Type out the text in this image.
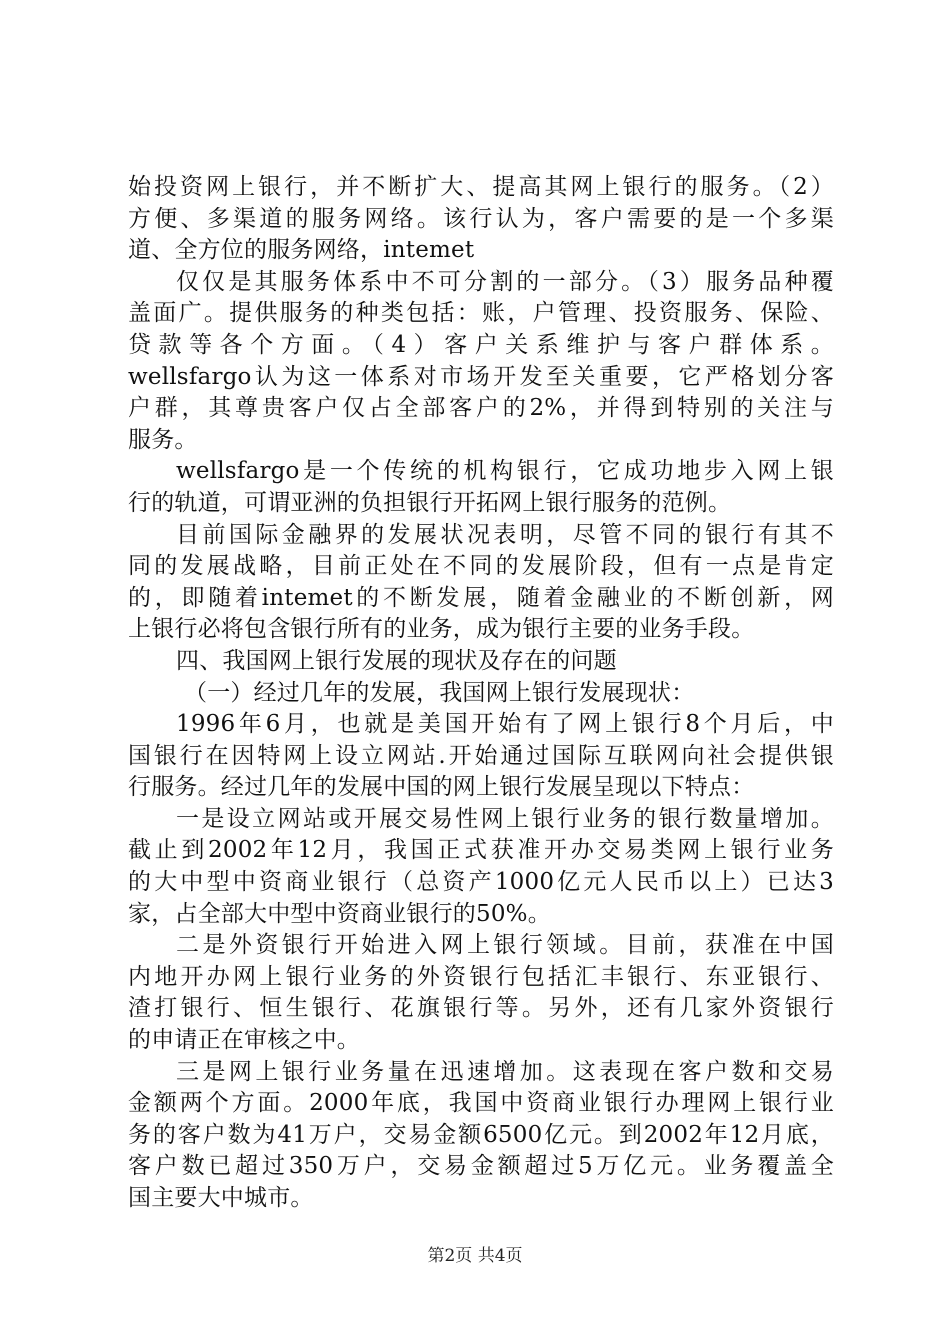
始投资网上银行，并不断扩大、提高其网上银行的服务。（2）
方便、多渠道的服务网络。该行认为，客户需要的是一个多渠
道、全方位的服务网络，intemet
仅仅是其服务体系中不可分割的一部分。（3）服务品种覆
盖面广。提供服务的种类包括：账，户管理、投资服务、保险、
贷款等各个方面。（4）客户关系维护与客户群体系。
wellsfargo认为这一体系对市场开发至关重要，它严格划分客
户群，其尊贵客户仅占全部客户的2%，并得到特别的关注与
服务。
wellsfargo是一个传统的机构银行，它成功地步入网上银
行的轨道，可谓亚洲的负担银行开拓网上银行服务的范例。
目前国际金融界的发展状况表明，尽管不同的银行有其不
同的发展战略，目前正处在不同的发展阶段，但有一点是肯定
的，即随着intemet的不断发展，随着金融业的不断创新，网
上银行必将包含银行所有的业务，成为银行主要的业务手段。
四、我国网上银行发展的现状及存在的问题
（一）经过几年的发展，我国网上银行发展现状：
1996年6月，也就是美国开始有了网上银行8个月后，中
国银行在因特网上设立网站.开始通过国际互联网向社会提供银
行服务。经过几年的发展中国的网上银行发展呈现以下特点：
一是设立网站或开展交易性网上银行业务的银行数量增加。
截止到2002年12月，我国正式获准开办交易类网上银行业务
的大中型中资商业银行（总资产1000亿元人民币以上）已达3
家，占全部大中型中资商业银行的50%。
二是外资银行开始进入网上银行领域。目前，获准在中国
内地开办网上银行业务的外资银行包括汇丰银行、东亚银行、
渣打银行、恒生银行、花旗银行等。另外，还有几家外资银行
的申请正在审核之中。
三是网上银行业务量在迅速增加。这表现在客户数和交易
金额两个方面。2000年底，我国中资商业银行办理网上银行业
务的客户数为41万户，交易金额6500亿元。到2002年12月底，
客户数已超过350万户，交易金额超过5万亿元。业务覆盖全
国主要大中城市。
第2页 共4页
